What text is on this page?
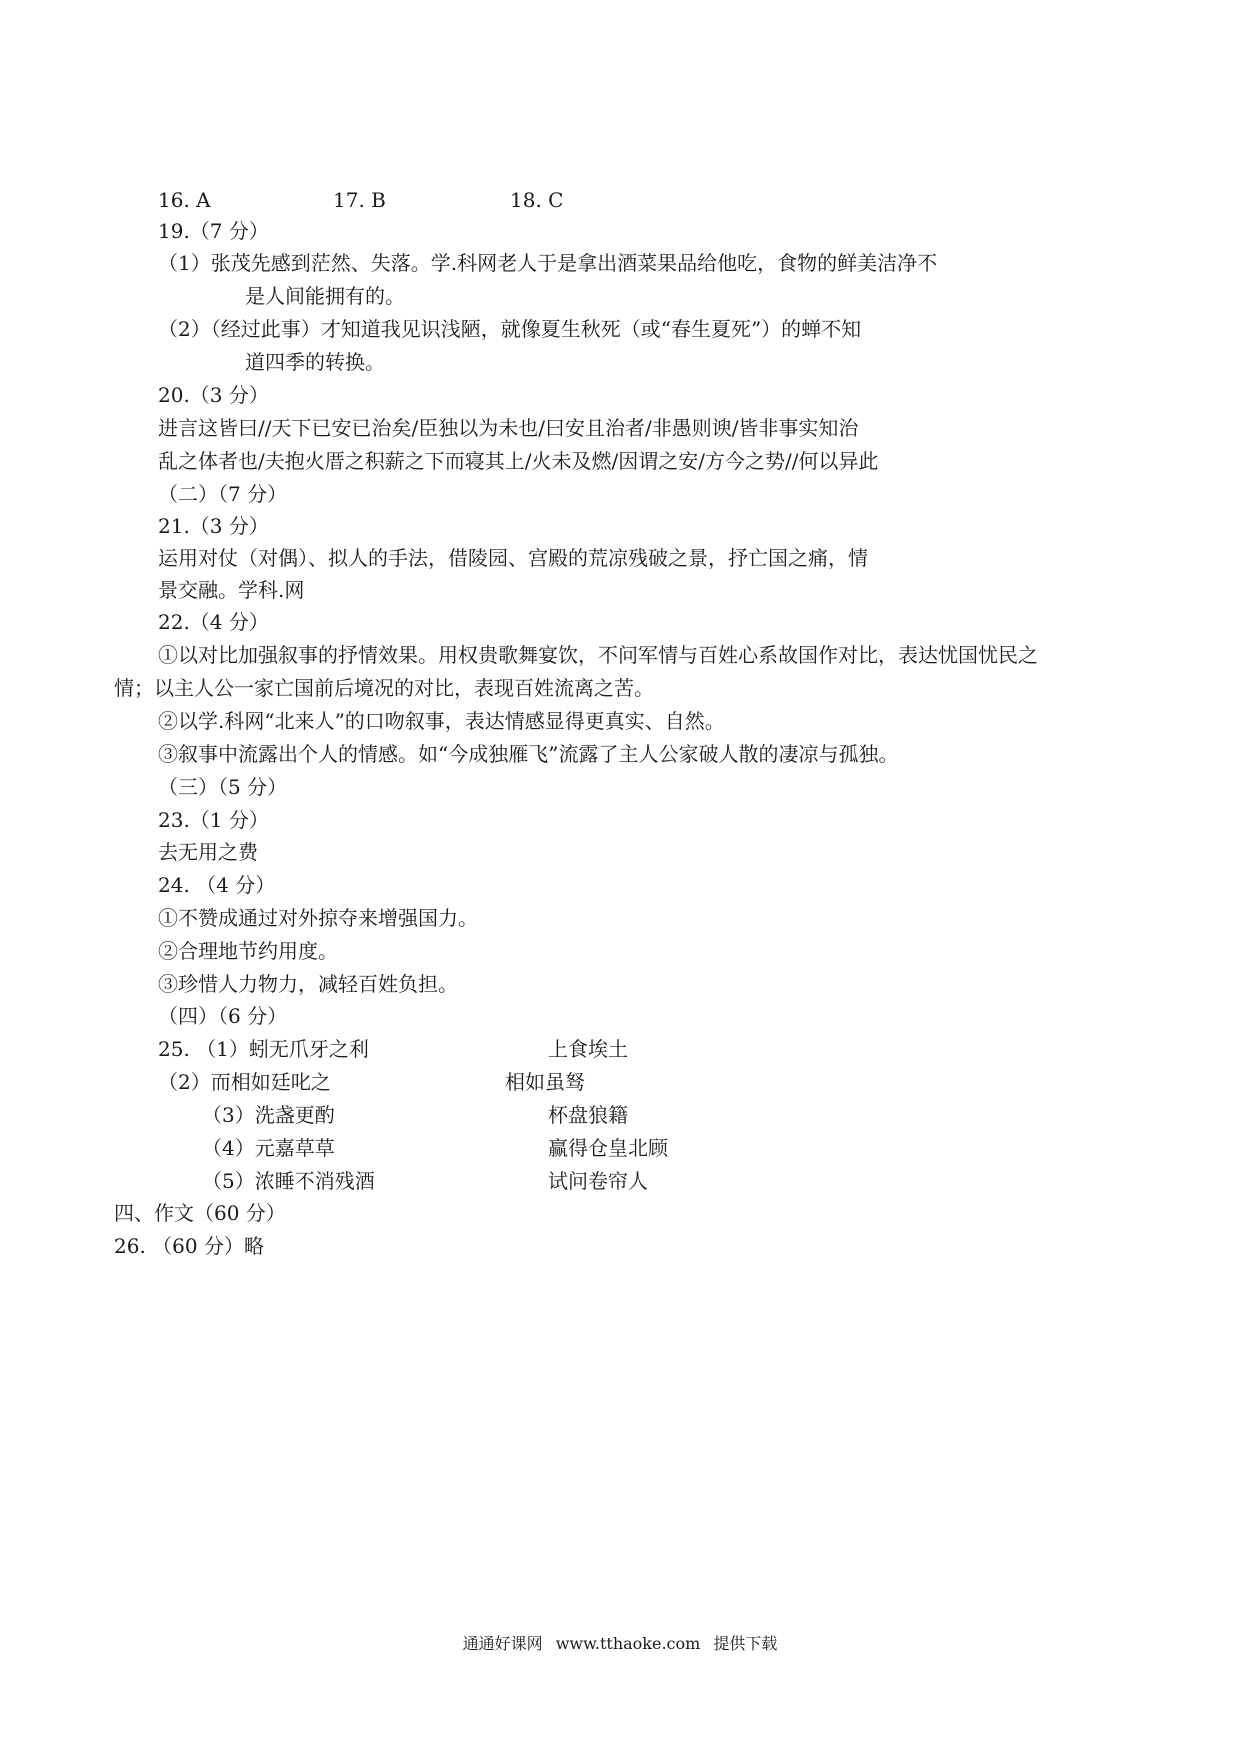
16. A	17. B	18. C
19.（7 分）
（1）张茂先感到茫然、失落。学.科网老人于是拿出酒菜果品给他吃，食物的鲜美洁净不
是人间能拥有的。
（2）（经过此事）才知道我见识浅陋，就像夏生秋死（或“春生夏死”）的蝉不知
道四季的转换。
20.（3 分）
进言这皆曰//天下已安已治矣/臣独以为未也/曰安且治者/非愚则谀/皆非事实知治
乱之体者也/夫抱火厝之积薪之下而寝其上/火未及燃/因谓之安/方今之势//何以异此
（二）（7 分）
21.（3 分）
运用对仗（对偶）、拟人的手法，借陵园、宫殿的荒凉残破之景，抒亡国之痛，情
景交融。学科.网
22.（4 分）
①以对比加强叙事的抒情效果。用权贵歌舞宴饮，不问军情与百姓心系故国作对比，表达忧国忧民之
情；以主人公一家亡国前后境况的对比，表现百姓流离之苦。
②以学.科网“北来人”的口吻叙事，表达情感显得更真实、自然。
③叙事中流露出个人的情感。如“今成独雁飞”流露了主人公家破人散的凄凉与孤独。
（三）（5 分）
23.（1 分）
去无用之费
24. （4 分）
①不赞成通过对外掠夺来增强国力。
②合理地节约用度。
③珍惜人力物力，减轻百姓负担。
（四）（6 分）
25. （1）蚓无爪牙之利	上食埃土
（2）而相如廷叱之	相如虽驽
（3）洗盏更酌	杯盘狼籍
（4）元嘉草草	赢得仓皇北顾
（5）浓睡不消残酒	试问卷帘人
四、作文（60 分）
26. （60 分）略
通通好课网 www.tthaoke.com 提供下载
